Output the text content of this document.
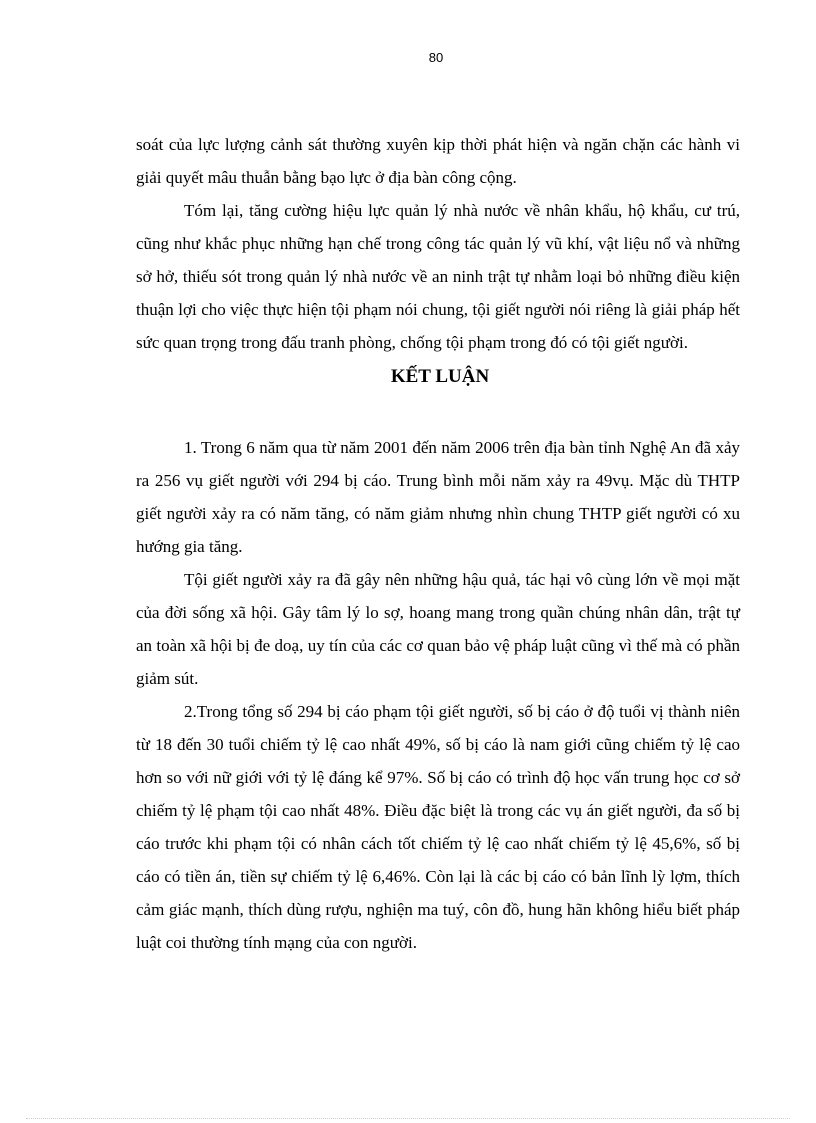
80

soát của lực lượng cảnh sát thường xuyên kịp thời phát hiện và ngăn chặn các hành vi giải quyết mâu thuẫn bằng bạo lực ở địa bàn công cộng.

Tóm lại, tăng cường hiệu lực quản lý nhà nước về nhân khẩu, hộ khẩu, cư trú, cũng như khắc phục những hạn chế trong công tác quản lý vũ khí, vật liệu nổ và những sở hở, thiếu sót trong quản lý nhà nước về an ninh trật tự nhằm loại bỏ những điều kiện thuận lợi cho việc thực hiện tội phạm nói chung, tội giết người nói riêng là giải pháp hết sức quan trọng trong đấu tranh phòng, chống tội phạm trong đó có tội giết người.

KẾT LUẬN

1. Trong 6 năm qua từ năm 2001 đến năm 2006 trên địa bàn tỉnh Nghệ An đã xảy ra 256 vụ giết người với 294 bị cáo. Trung bình mỗi năm xảy ra 49vụ. Mặc dù THTP giết người xảy ra có năm tăng, có năm giảm nhưng nhìn chung THTP giết người có xu hướng gia tăng.

Tội giết người xảy ra đã gây nên những hậu quả, tác hại vô cùng lớn về mọi mặt của đời sống xã hội. Gây tâm lý lo sợ, hoang mang trong quần chúng nhân dân, trật tự an toàn xã hội bị đe doạ, uy tín của các cơ quan bảo vệ pháp luật cũng vì thế mà có phần giảm sút.

2.Trong tổng số 294 bị cáo phạm tội giết người, số bị cáo ở độ tuổi vị thành niên từ 18 đến 30 tuổi chiếm tỷ lệ cao nhất 49%, số bị cáo là nam giới cũng chiếm tỷ lệ cao hơn so với nữ giới với tỷ lệ đáng kể 97%. Số bị cáo có trình độ học vấn trung học cơ sở chiếm tỷ lệ phạm tội cao nhất 48%. Điều đặc biệt là trong các vụ án giết người, đa số bị cáo trước khi phạm tội có nhân cách tốt chiếm tỷ lệ cao nhất chiếm tỷ lệ 45,6%, số bị cáo có tiền án, tiền sự chiếm tỷ lệ 6,46%. Còn lại là các bị cáo có bản lĩnh lỳ lợm, thích cảm giác mạnh, thích dùng rượu, nghiện ma tuý, côn đồ, hung hãn không hiểu biết pháp luật coi thường tính mạng của con người.
